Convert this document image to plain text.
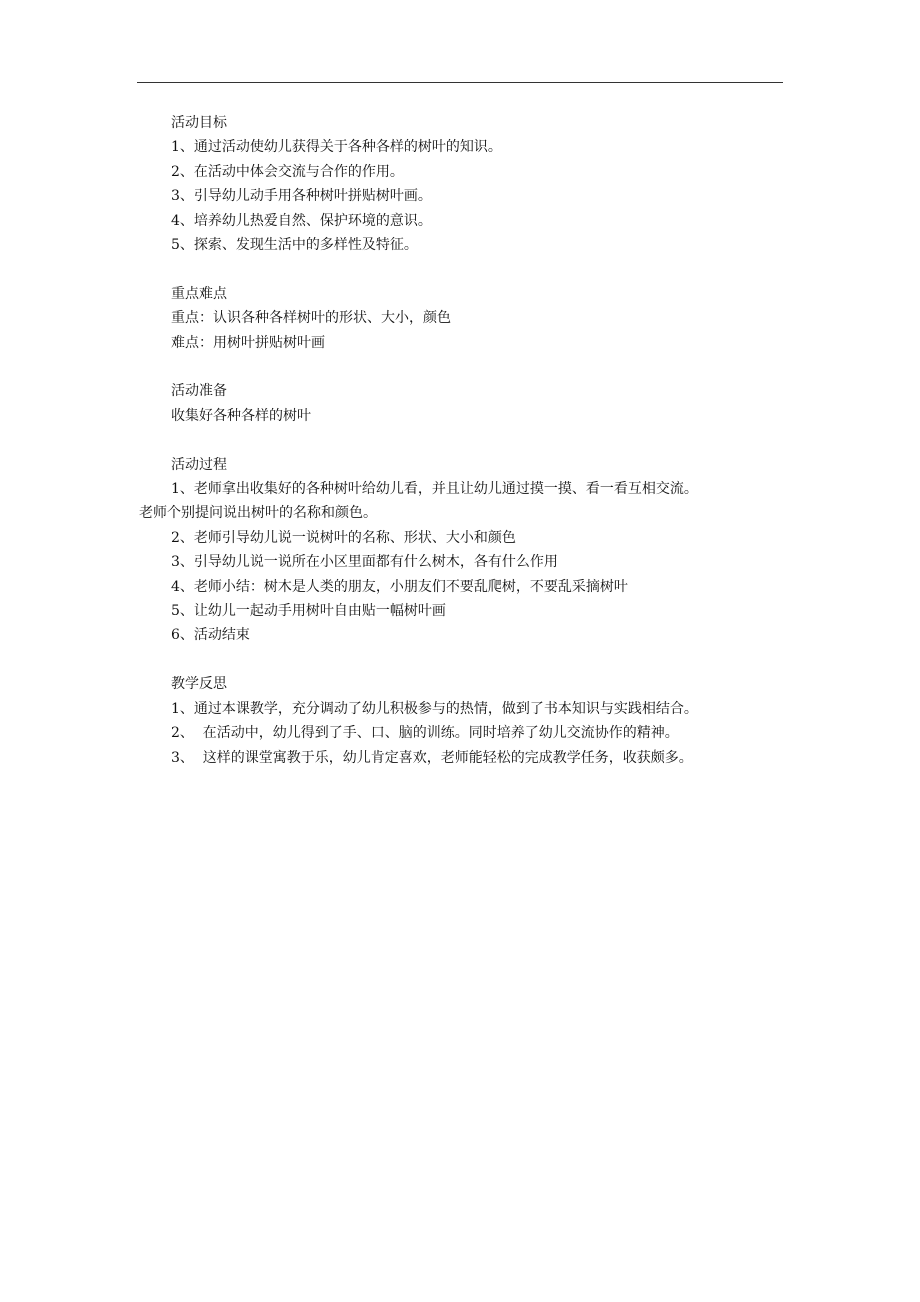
活动目标
1、通过活动使幼儿获得关于各种各样的树叶的知识。
2、在活动中体会交流与合作的作用。
3、引导幼儿动手用各种树叶拼贴树叶画。
4、培养幼儿热爱自然、保护环境的意识。
5、探索、发现生活中的多样性及特征。
重点难点
重点：认识各种各样树叶的形状、大小，颜色
难点：用树叶拼贴树叶画
活动准备
收集好各种各样的树叶
活动过程
1、老师拿出收集好的各种树叶给幼儿看，并且让幼儿通过摸一摸、看一看互相交流。
老师个别提问说出树叶的名称和颜色。
2、老师引导幼儿说一说树叶的名称、形状、大小和颜色
3、引导幼儿说一说所在小区里面都有什么树木，各有什么作用
4、老师小结：树木是人类的朋友，小朋友们不要乱爬树，不要乱采摘树叶
5、让幼儿一起动手用树叶自由贴一幅树叶画
6、活动结束
教学反思
1、通过本课教学，充分调动了幼儿积极参与的热情，做到了书本知识与实践相结合。
2、  在活动中，幼儿得到了手、口、脑的训练。同时培养了幼儿交流协作的精神。
3、  这样的课堂寓教于乐，幼儿肯定喜欢，老师能轻松的完成教学任务，收获颇多。
